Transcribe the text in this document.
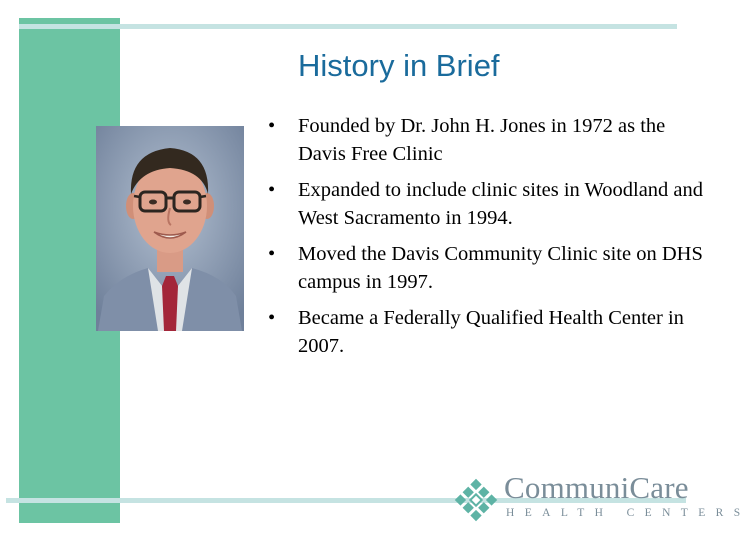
History in Brief
•	Founded by Dr. John H. Jones in 1972 as the Davis Free Clinic
•	Expanded to include clinic sites in Woodland and West Sacramento in 1994.
•	Moved the Davis Community Clinic site on DHS campus in 1997.
•	Became a Federally Qualified Health Center in 2007.
CommuniCare
HEALTH CENTERS
